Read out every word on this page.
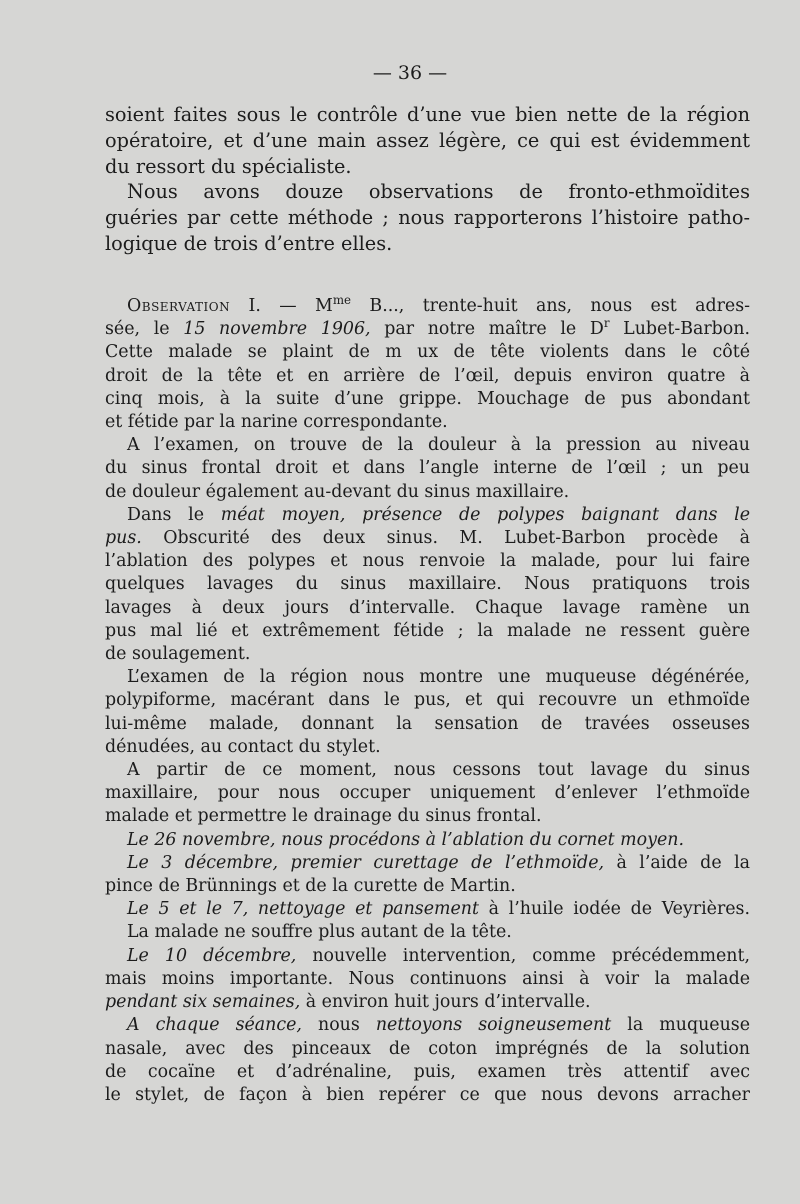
— 36 —

soient faites sous le contrôle d’une vue bien nette de la région
opératoire, et d’une main assez légère, ce qui est évidemment
du ressort du spécialiste.

Nous avons douze observations de fronto-ethmoïdites
guéries par cette méthode ; nous rapporterons l’histoire patho-
logique de trois d’entre elles.

Observation I. — $M^{me}$ B..., trente-huit ans, nous est adres-
sée, le 15 novembre 1906, par notre maître le $D^r$ Lubet-Barbon.
Cette malade se plaint de m ux de tête violents dans le côté
droit de la tête et en arrière de l’œil, depuis environ quatre à
cinq mois, à la suite d’une grippe. Mouchage de pus abondant
et fétide par la narine correspondante.

A l’examen, on trouve de la douleur à la pression au niveau
du sinus frontal droit et dans l’angle interne de l’œil ; un peu
de douleur également au-devant du sinus maxillaire.

Dans le méat moyen, présence de polypes baignant dans le
pus. Obscurité des deux sinus. M. Lubet-Barbon procède à
l’ablation des polypes et nous renvoie la malade, pour lui faire
quelques lavages du sinus maxillaire. Nous pratiquons trois
lavages à deux jours d’intervalle. Chaque lavage ramène un
pus mal lié et extrêmement fétide ; la malade ne ressent guère
de soulagement.

L’examen de la région nous montre une muqueuse dégénérée,
polypiforme, macérant dans le pus, et qui recouvre un ethmoïde
lui-même malade, donnant la sensation de travées osseuses
dénudées, au contact du stylet.

A partir de ce moment, nous cessons tout lavage du sinus
maxillaire, pour nous occuper uniquement d’enlever l’ethmoïde
malade et permettre le drainage du sinus frontal.

Le 26 novembre, nous procédons à l’ablation du cornet moyen.

Le 3 décembre, premier curettage de l’ethmoïde, à l’aide de la
pince de Brünnings et de la curette de Martin.

Le 5 et le 7, nettoyage et pansement à l’huile iodée de Veyrières.

La malade ne souffre plus autant de la tête.

Le 10 décembre, nouvelle intervention, comme précédemment,
mais moins importante. Nous continuons ainsi à voir la malade
pendant six semaines, à environ huit jours d’intervalle.

A chaque séance, nous nettoyons soigneusement la muqueuse
nasale, avec des pinceaux de coton imprégnés de la solution
de cocaïne et d’adrénaline, puis, examen très attentif avec
le stylet, de façon à bien repérer ce que nous devons arracher
